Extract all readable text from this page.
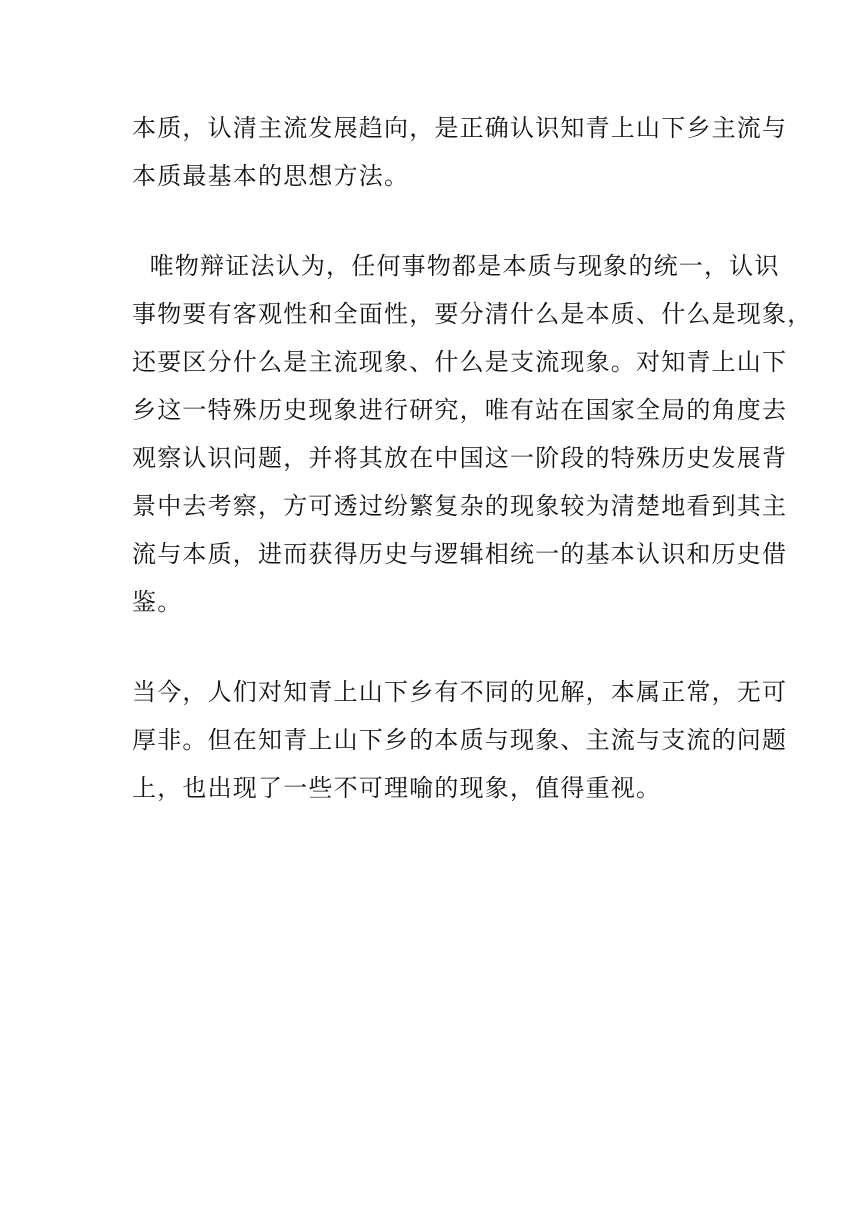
本质，认清主流发展趋向，是正确认识知青上山下乡主流与
本质最基本的思想方法。
唯物辩证法认为，任何事物都是本质与现象的统一，认识
事物要有客观性和全面性，要分清什么是本质、什么是现象，
还要区分什么是主流现象、什么是支流现象。对知青上山下
乡这一特殊历史现象进行研究，唯有站在国家全局的角度去
观察认识问题，并将其放在中国这一阶段的特殊历史发展背
景中去考察，方可透过纷繁复杂的现象较为清楚地看到其主
流与本质，进而获得历史与逻辑相统一的基本认识和历史借
鉴。
当今，人们对知青上山下乡有不同的见解，本属正常，无可
厚非。但在知青上山下乡的本质与现象、主流与支流的问题
上，也出现了一些不可理喻的现象，值得重视。
